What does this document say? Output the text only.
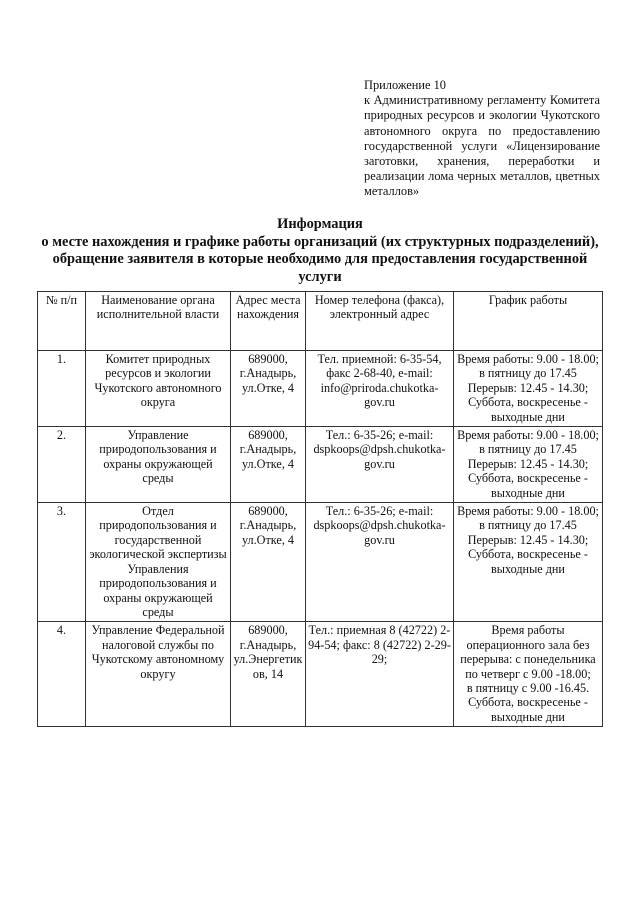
Приложение 10
к Административному регламенту Комитета природных ресурсов и экологии Чукотского автономного округа по предоставлению государственной услуги «Лицензирование заготовки, хранения, переработки и реализации лома черных металлов, цветных металлов»
Информация
о месте нахождения и графике работы организаций (их структурных подразделений), обращение заявителя в которые необходимо для предоставления государственной услуги
№ п/п	Наименование органа исполнительной власти	Адрес места нахождения	Номер телефона (факса), электронный адрес	График работы
1.	Комитет природных ресурсов и экологии Чукотского автономного округа	689000, г.Анадырь, ул.Отке, 4	Тел. приемной: 6-35-54, факс 2-68-40, e-mail: info@priroda.chukotka-gov.ru	Время работы: 9.00 - 18.00;
в пятницу до 17.45
Перерыв: 12.45 - 14.30;
Суббота, воскресенье - выходные дни

2.	Управление природопользования и охраны окружающей среды	689000, г.Анадырь, ул.Отке, 4	Тел.: 6-35-26; e-mail: dspkoops@dpsh.chukotka-gov.ru	Время работы: 9.00 - 18.00;
в пятницу до 17.45
Перерыв: 12.45 - 14.30;
Суббота, воскресенье - выходные дни

3.	Отдел природопользования и государственной экологической экспертизы Управления природопользования и охраны окружающей среды	689000, г.Анадырь, ул.Отке, 4	Тел.: 6-35-26; e-mail: dspkoops@dpsh.chukotka-gov.ru	Время работы: 9.00 - 18.00;
в пятницу до 17.45
Перерыв: 12.45 - 14.30;
Суббота, воскресенье - выходные дни

4.	Управление Федеральной налоговой службы по Чукотскому автономному округу	689000, г.Анадырь, ул.Энергетиков, 14	Тел.: приемная 8 (42722) 2-94-54; факс: 8 (42722) 2-29-29;	Время работы операционного зала без перерыва: с понедельника по четверг с 9.00 -18.00;
в пятницу с 9.00 -16.45.
Суббота, воскресенье - выходные дни
